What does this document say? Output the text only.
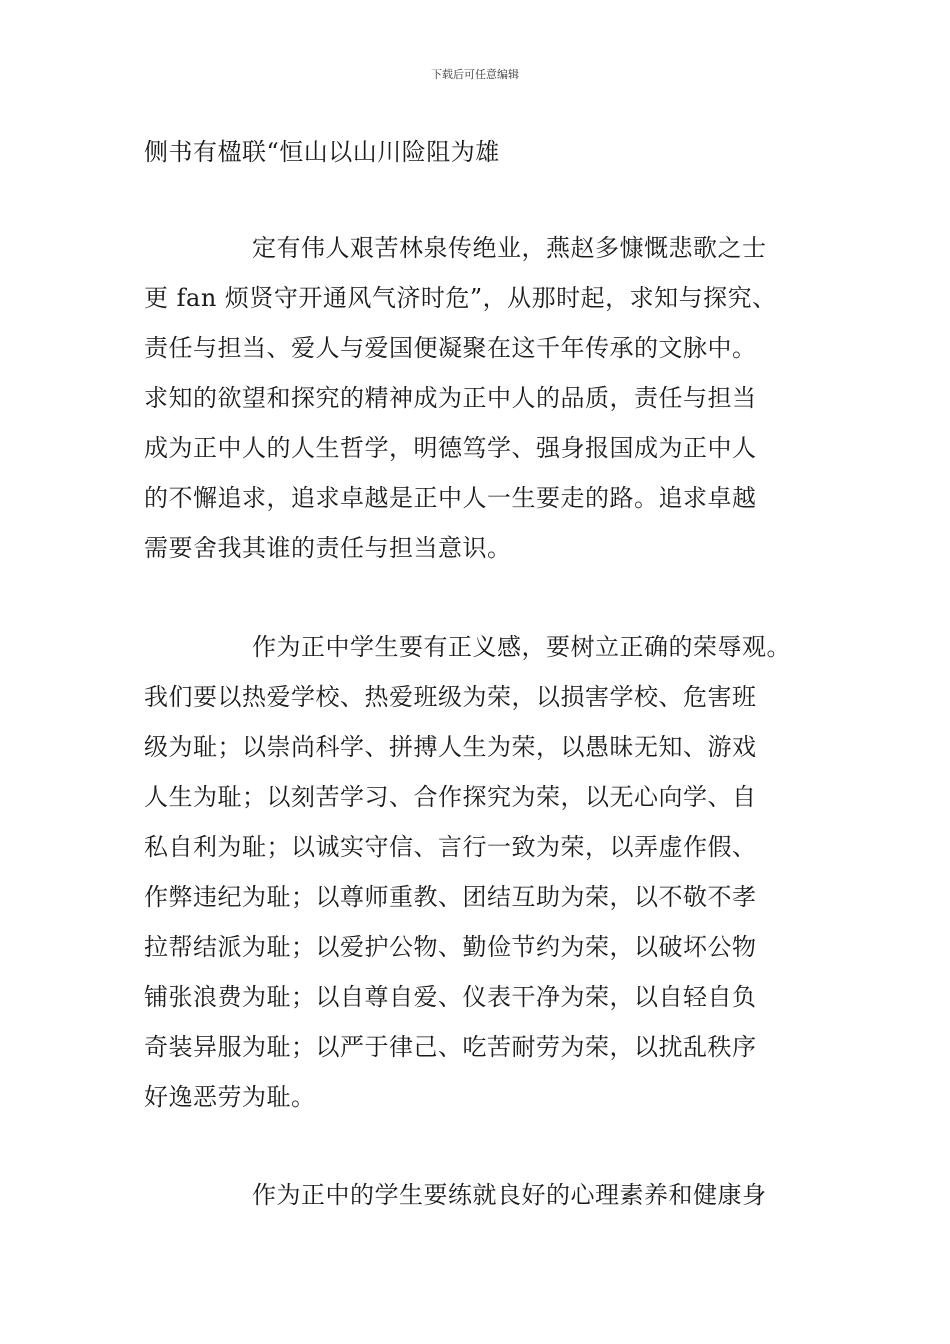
下载后可任意编辑
侧书有楹联“恒山以山川险阻为雄
定有伟人艰苦林泉传绝业，燕赵多慷慨悲歌之士
更 fan 烦贤守开通风气济时危”，从那时起，求知与探究、
责任与担当、爱人与爱国便凝聚在这千年传承的文脉中。
求知的欲望和探究的精神成为正中人的品质，责任与担当
成为正中人的人生哲学，明德笃学、强身报国成为正中人
的不懈追求，追求卓越是正中人一生要走的路。追求卓越
需要舍我其谁的责任与担当意识。
作为正中学生要有正义感，要树立正确的荣辱观。
我们要以热爱学校、热爱班级为荣，以损害学校、危害班
级为耻；以崇尚科学、拼搏人生为荣，以愚昧无知、游戏
人生为耻；以刻苦学习、合作探究为荣，以无心向学、自
私自利为耻；以诚实守信、言行一致为荣，以弄虚作假、
作弊违纪为耻；以尊师重教、团结互助为荣，以不敬不孝
拉帮结派为耻；以爱护公物、勤俭节约为荣，以破坏公物
铺张浪费为耻；以自尊自爱、仪表干净为荣，以自轻自负
奇装异服为耻；以严于律己、吃苦耐劳为荣，以扰乱秩序
好逸恶劳为耻。
作为正中的学生要练就良好的心理素养和健康身
